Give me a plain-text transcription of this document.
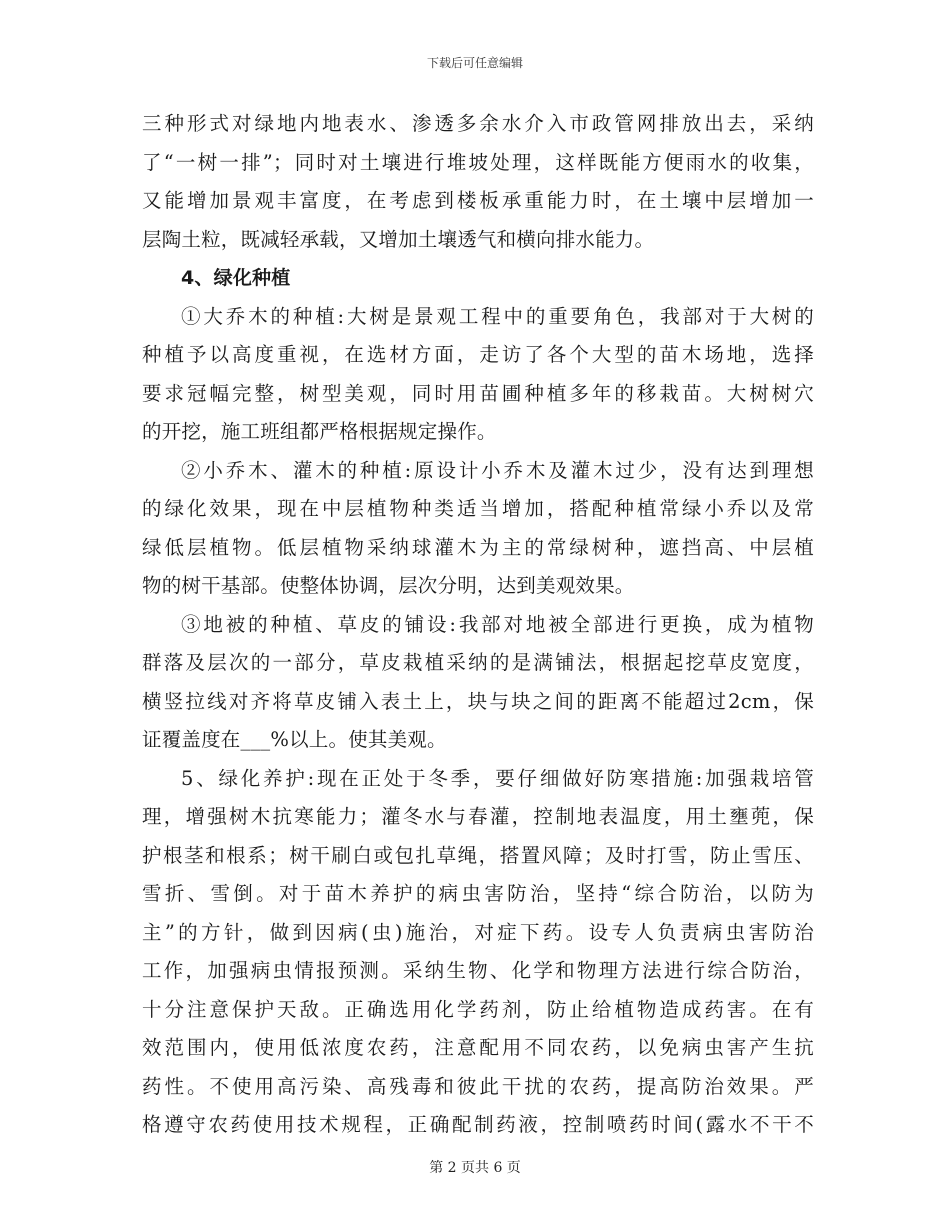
下载后可任意编辑
三种形式对绿地内地表水、渗透多余水介入市政管网排放出去，采纳
了“一树一排”；同时对土壤进行堆坡处理，这样既能方便雨水的收集，
又能增加景观丰富度，在考虑到楼板承重能力时，在土壤中层增加一
层陶土粒，既减轻承载，又增加土壤透气和横向排水能力。
4、绿化种植
①大乔木的种植:大树是景观工程中的重要角色，我部对于大树的
种植予以高度重视，在选材方面，走访了各个大型的苗木场地，选择
要求冠幅完整，树型美观，同时用苗圃种植多年的移栽苗。大树树穴
的开挖，施工班组都严格根据规定操作。
②小乔木、灌木的种植:原设计小乔木及灌木过少，没有达到理想
的绿化效果，现在中层植物种类适当增加，搭配种植常绿小乔以及常
绿低层植物。低层植物采纳球灌木为主的常绿树种，遮挡高、中层植
物的树干基部。使整体协调，层次分明，达到美观效果。
③地被的种植、草皮的铺设:我部对地被全部进行更换，成为植物
群落及层次的一部分，草皮栽植采纳的是满铺法，根据起挖草皮宽度，
横竖拉线对齐将草皮铺入表土上，块与块之间的距离不能超过2cm，保
证覆盖度在___%以上。使其美观。
5、绿化养护:现在正处于冬季，要仔细做好防寒措施:加强栽培管
理，增强树木抗寒能力；灌冬水与春灌，控制地表温度，用土壅蔸，保
护根茎和根系；树干刷白或包扎草绳，搭置风障；及时打雪，防止雪压、
雪折、雪倒。对于苗木养护的病虫害防治，坚持“综合防治，以防为
主”的方针，做到因病(虫)施治，对症下药。设专人负责病虫害防治
工作，加强病虫情报预测。采纳生物、化学和物理方法进行综合防治，
十分注意保护天敌。正确选用化学药剂，防止给植物造成药害。在有
效范围内，使用低浓度农药，注意配用不同农药，以免病虫害产生抗
药性。不使用高污染、高残毒和彼此干扰的农药，提高防治效果。严
格遵守农药使用技术规程，正确配制药液，控制喷药时间(露水不干不
第 2 页共 6 页
